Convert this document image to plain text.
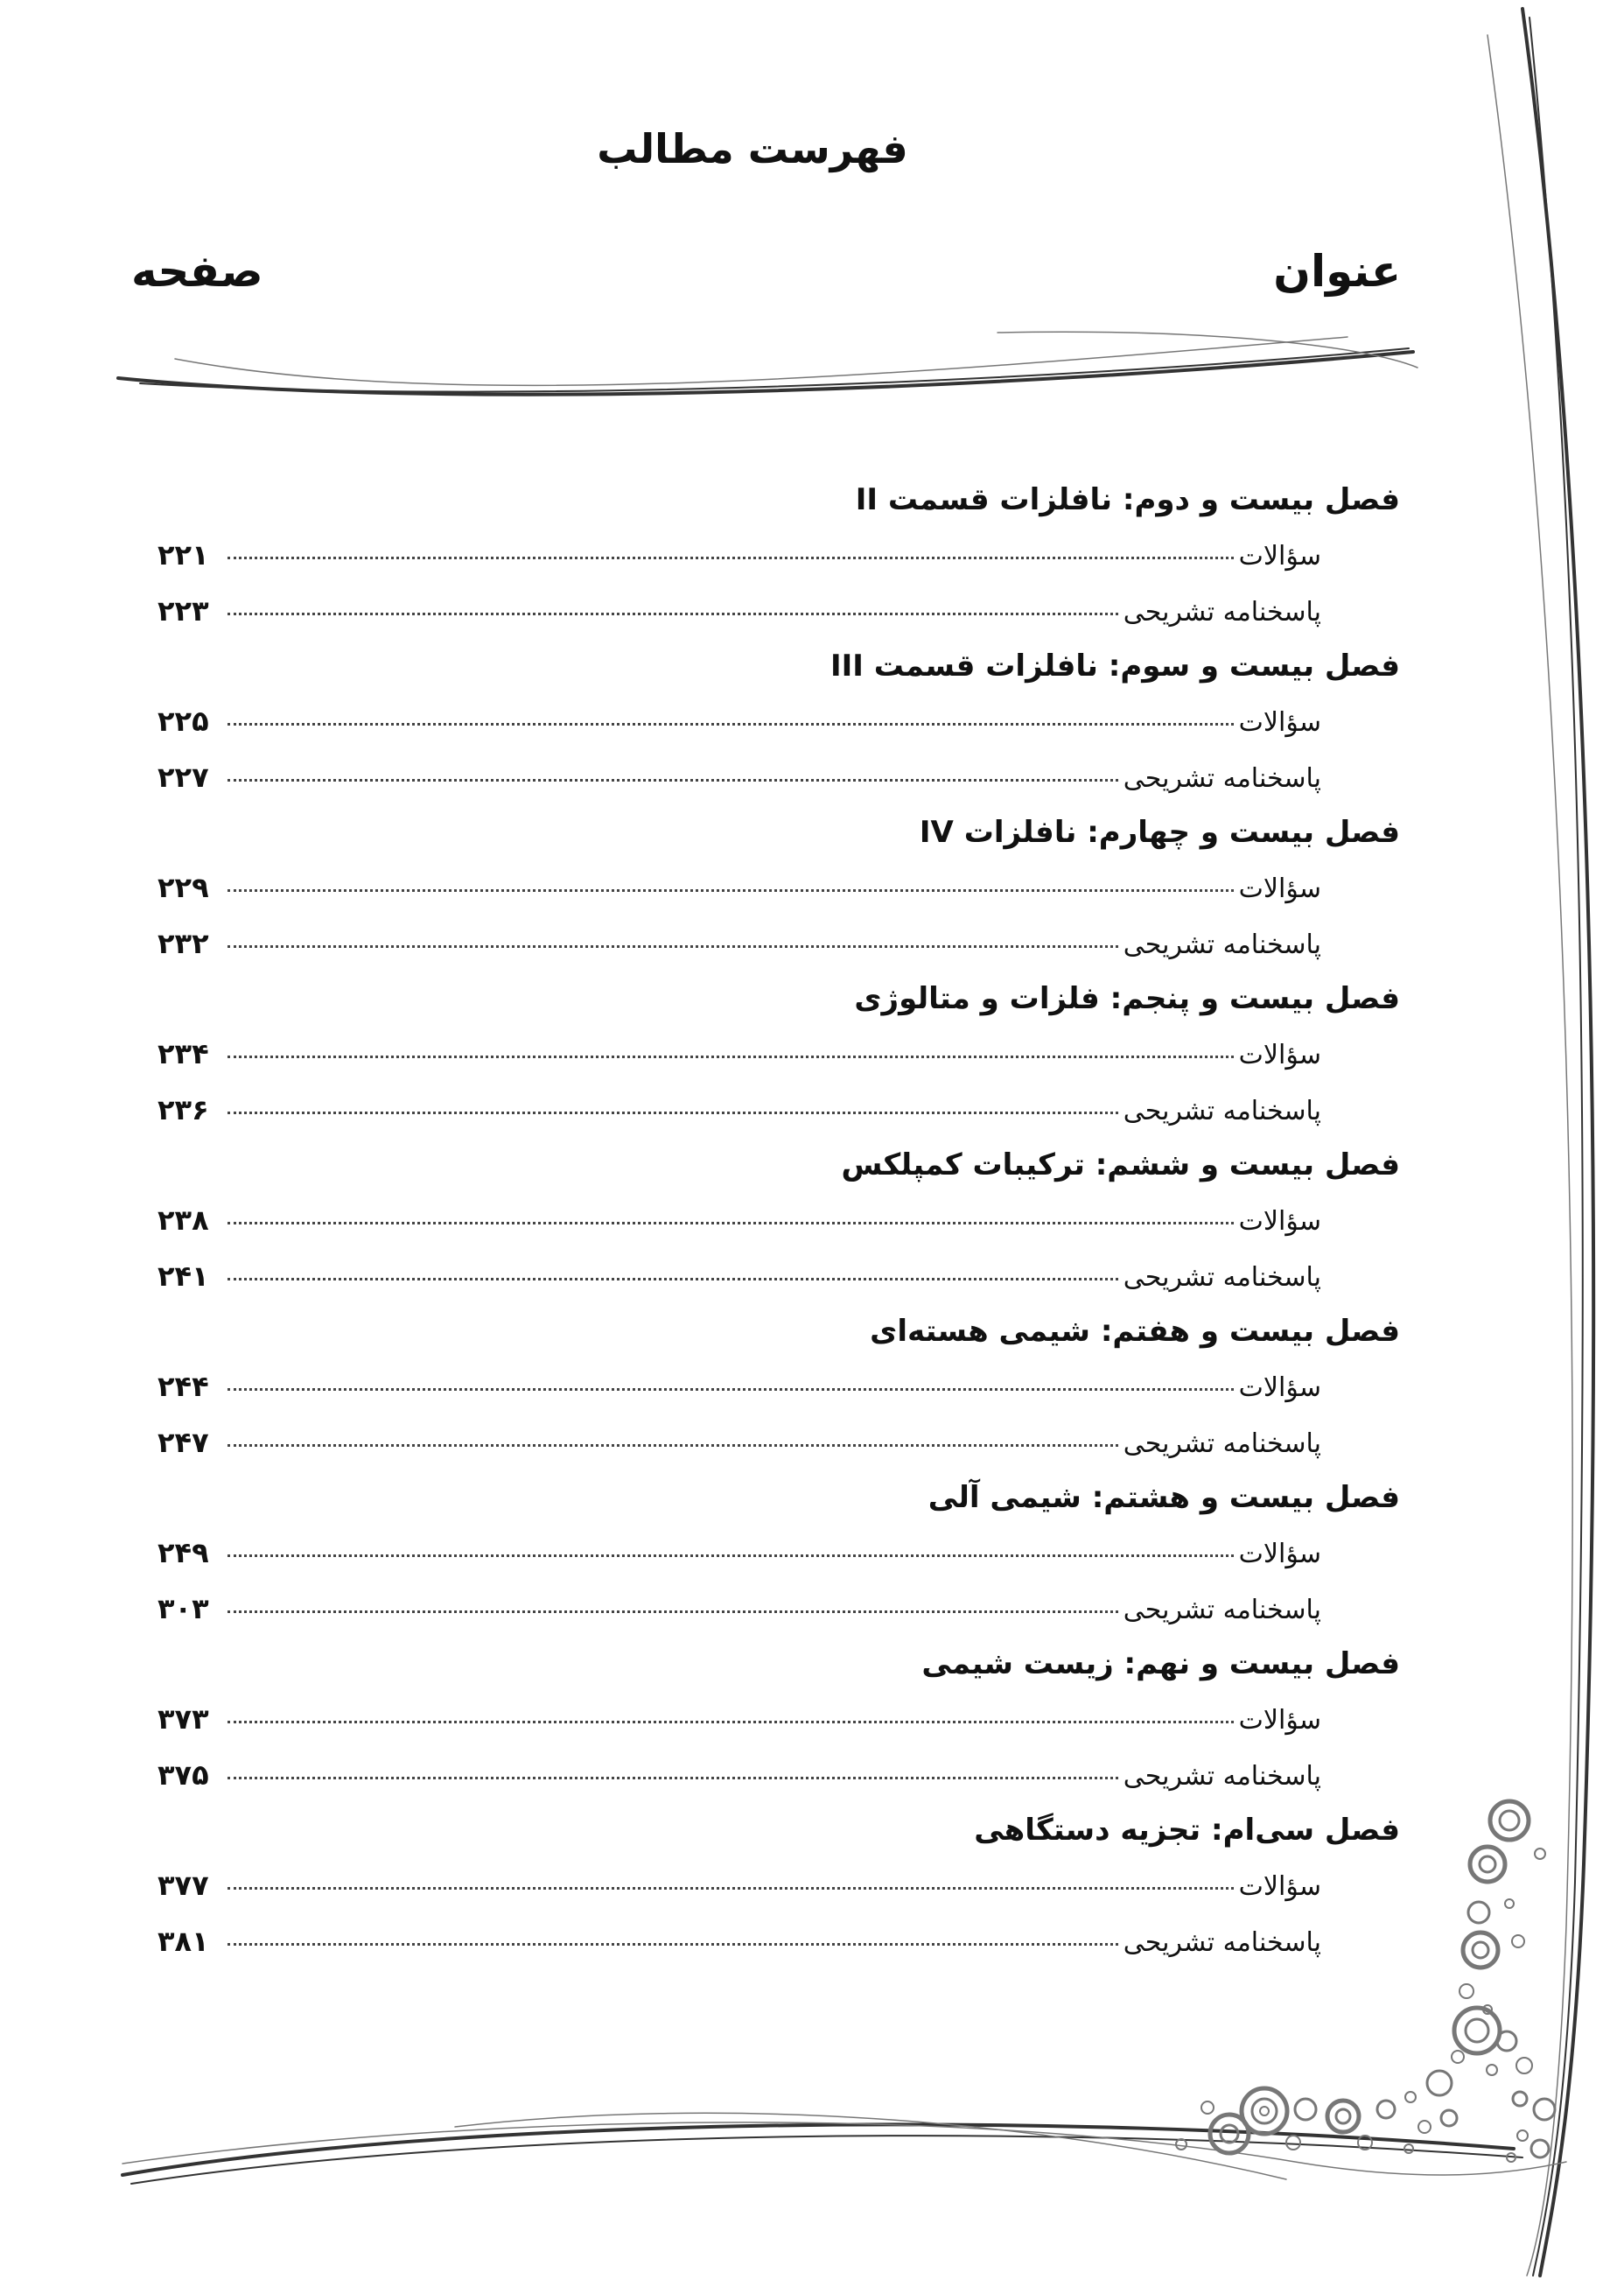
فهرست مطالب
عنوان
صفحه
فصل بیست و دوم: نافلزات قسمت II
سؤالات
۲۲۱
پاسخنامه تشریحی
۲۲۳
فصل بیست و سوم: نافلزات قسمت III
سؤالات
۲۲۵
پاسخنامه تشریحی
۲۲۷
فصل بیست و چهارم: نافلزات IV
سؤالات
۲۲۹
پاسخنامه تشریحی
۲۳۲
فصل بیست و پنجم: فلزات و متالوژی
سؤالات
۲۳۴
پاسخنامه تشریحی
۲۳۶
فصل بیست و ششم: ترکیبات کمپلکس
سؤالات
۲۳۸
پاسخنامه تشریحی
۲۴۱
فصل بیست و هفتم: شیمی هسته‌ای
سؤالات
۲۴۴
پاسخنامه تشریحی
۲۴۷
فصل بیست و هشتم: شیمی آلی
سؤالات
۲۴۹
پاسخنامه تشریحی
۳۰۳
فصل بیست و نهم: زیست شیمی
سؤالات
۳۷۳
پاسخنامه تشریحی
۳۷۵
فصل سی‌ام: تجزیه دستگاهی
سؤالات
۳۷۷
پاسخنامه تشریحی
۳۸۱
